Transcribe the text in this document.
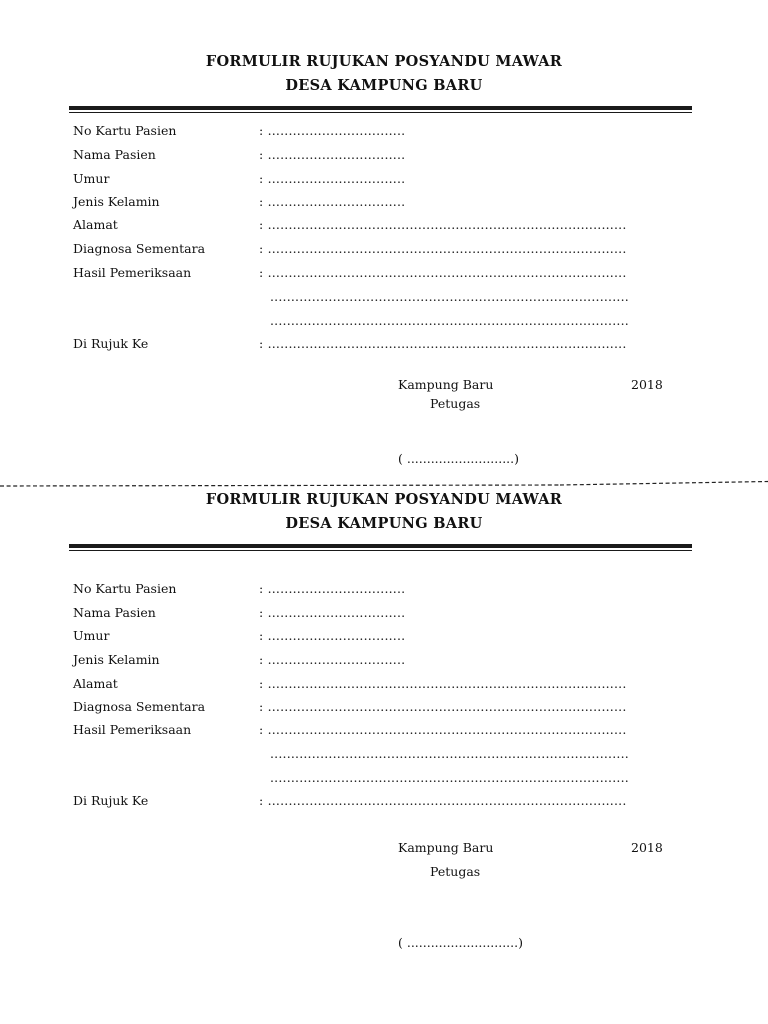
FORMULIR RUJUKAN POSYANDU MAWAR
DESA KAMPUNG BARU
No Kartu Pasien	: .................................
Nama Pasien	: .................................
Umur	: .................................
Jenis Kelamin	: .................................
Alamat	: ......................................................................................
Diagnosa Sementara	: ......................................................................................
Hasil Pemeriksaan	: ......................................................................................
......................................................................................
......................................................................................
Di Rujuk Ke	: ......................................................................................
Kampung Baru	2018
Petugas
( ...........................)
FORMULIR RUJUKAN POSYANDU MAWAR
DESA KAMPUNG BARU
No Kartu Pasien	: .................................
Nama Pasien	: .................................
Umur	: .................................
Jenis Kelamin	: .................................
Alamat	: ......................................................................................
Diagnosa Sementara	: ......................................................................................
Hasil Pemeriksaan	: ......................................................................................
......................................................................................
......................................................................................
Di Rujuk Ke	: ......................................................................................
Kampung Baru	2018
Petugas
( ............................)
